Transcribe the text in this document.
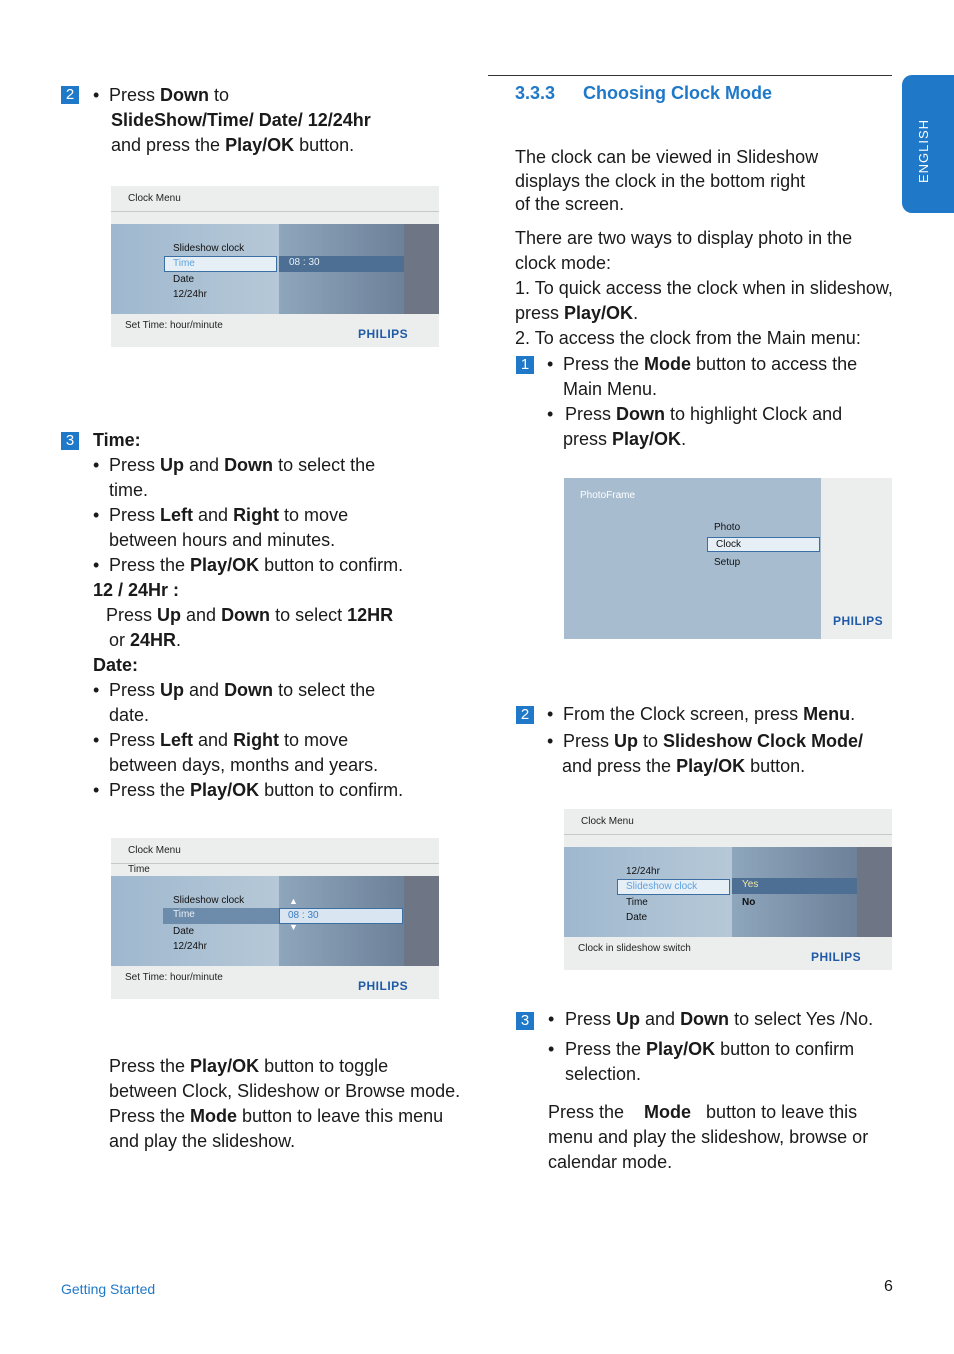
ENGLISH
2 • Press Down to
SlideShow/Time/ Date/ 12/24hr
and press the Play/OK button.
Clock Menu
Slideshow clock
Time
Date
12/24hr
08 : 30
Set Time: hour/minute
PHILIPS
3 Time:
• Press Up and Down to select the
time.
• Press Left and Right to move
between hours and minutes.
• Press the Play/OK button to confirm.
12 / 24Hr :
Press Up and Down to select 12HR
or 24HR.
Date:
• Press Up and Down to select the
date.
• Press Left and Right to move
between days, months and years.
• Press the Play/OK button to confirm.
Clock Menu
Time
Slideshow clock
Time
Date
12/24hr
▲
08 : 30
▼
Set Time: hour/minute
PHILIPS
Press the Play/OK button to toggle
between Clock, Slideshow or Browse mode.
Press the Mode button to leave this menu
and play the slideshow.
3.3.3 Choosing Clock Mode
The clock can be viewed in Slideshow
displays the clock in the bottom right
of the screen.
There are two ways to display photo in the
clock mode:
1. To quick access the clock when in slideshow,
press Play/OK.
2. To access the clock from the Main menu:
1 • Press the Mode button to access the
Main Menu.
• Press Down to highlight Clock and
press Play/OK.
PhotoFrame
Photo
Clock
Setup
PHILIPS
2 • From the Clock screen, press Menu.
• Press Up to Slideshow Clock Mode/
and press the Play/OK button.
Clock Menu
12/24hr
Slideshow clock
Time
Date
Yes
No
Clock in slideshow switch
PHILIPS
3 • Press Up and Down to select Yes /No.
• Press the Play/OK button to confirm
selection.
Press the    Mode   button to leave this
menu and play the slideshow, browse or
calendar mode.
Getting Started	6
